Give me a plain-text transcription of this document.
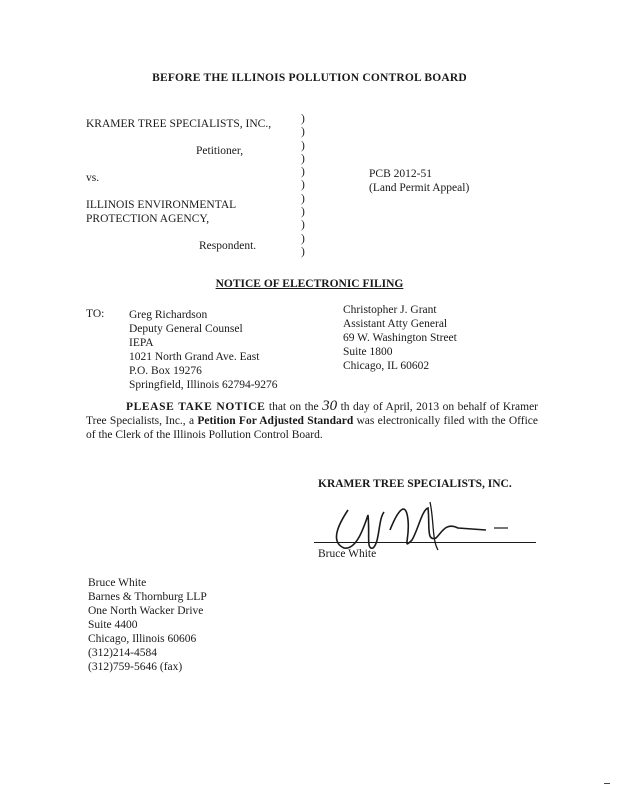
BEFORE THE ILLINOIS POLLUTION CONTROL BOARD
KRAMER TREE SPECIALISTS, INC.,
Petitioner,
vs.
ILLINOIS ENVIRONMENTAL
PROTECTION AGENCY,
Respondent.
)
)
)
)
)
)
)
)
)
)
)
PCB 2012-51
(Land Permit Appeal)
NOTICE OF ELECTRONIC FILING
TO: Greg Richardson
Deputy General Counsel
IEPA
1021 North Grand Ave. East
P.O. Box 19276
Springfield, Illinois 62794-9276
Christopher J. Grant
Assistant Atty General
69 W. Washington Street
Suite 1800
Chicago, IL 60602
PLEASE TAKE NOTICE that on the 30 th day of April, 2013 on behalf of Kramer Tree Specialists, Inc., a Petition For Adjusted Standard was electronically filed with the Office of the Clerk of the Illinois Pollution Control Board.
KRAMER TREE SPECIALISTS, INC.
Bruce White
Bruce White
Barnes & Thornburg LLP
One North Wacker Drive
Suite 4400
Chicago, Illinois 60606
(312)214-4584
(312)759-5646 (fax)
